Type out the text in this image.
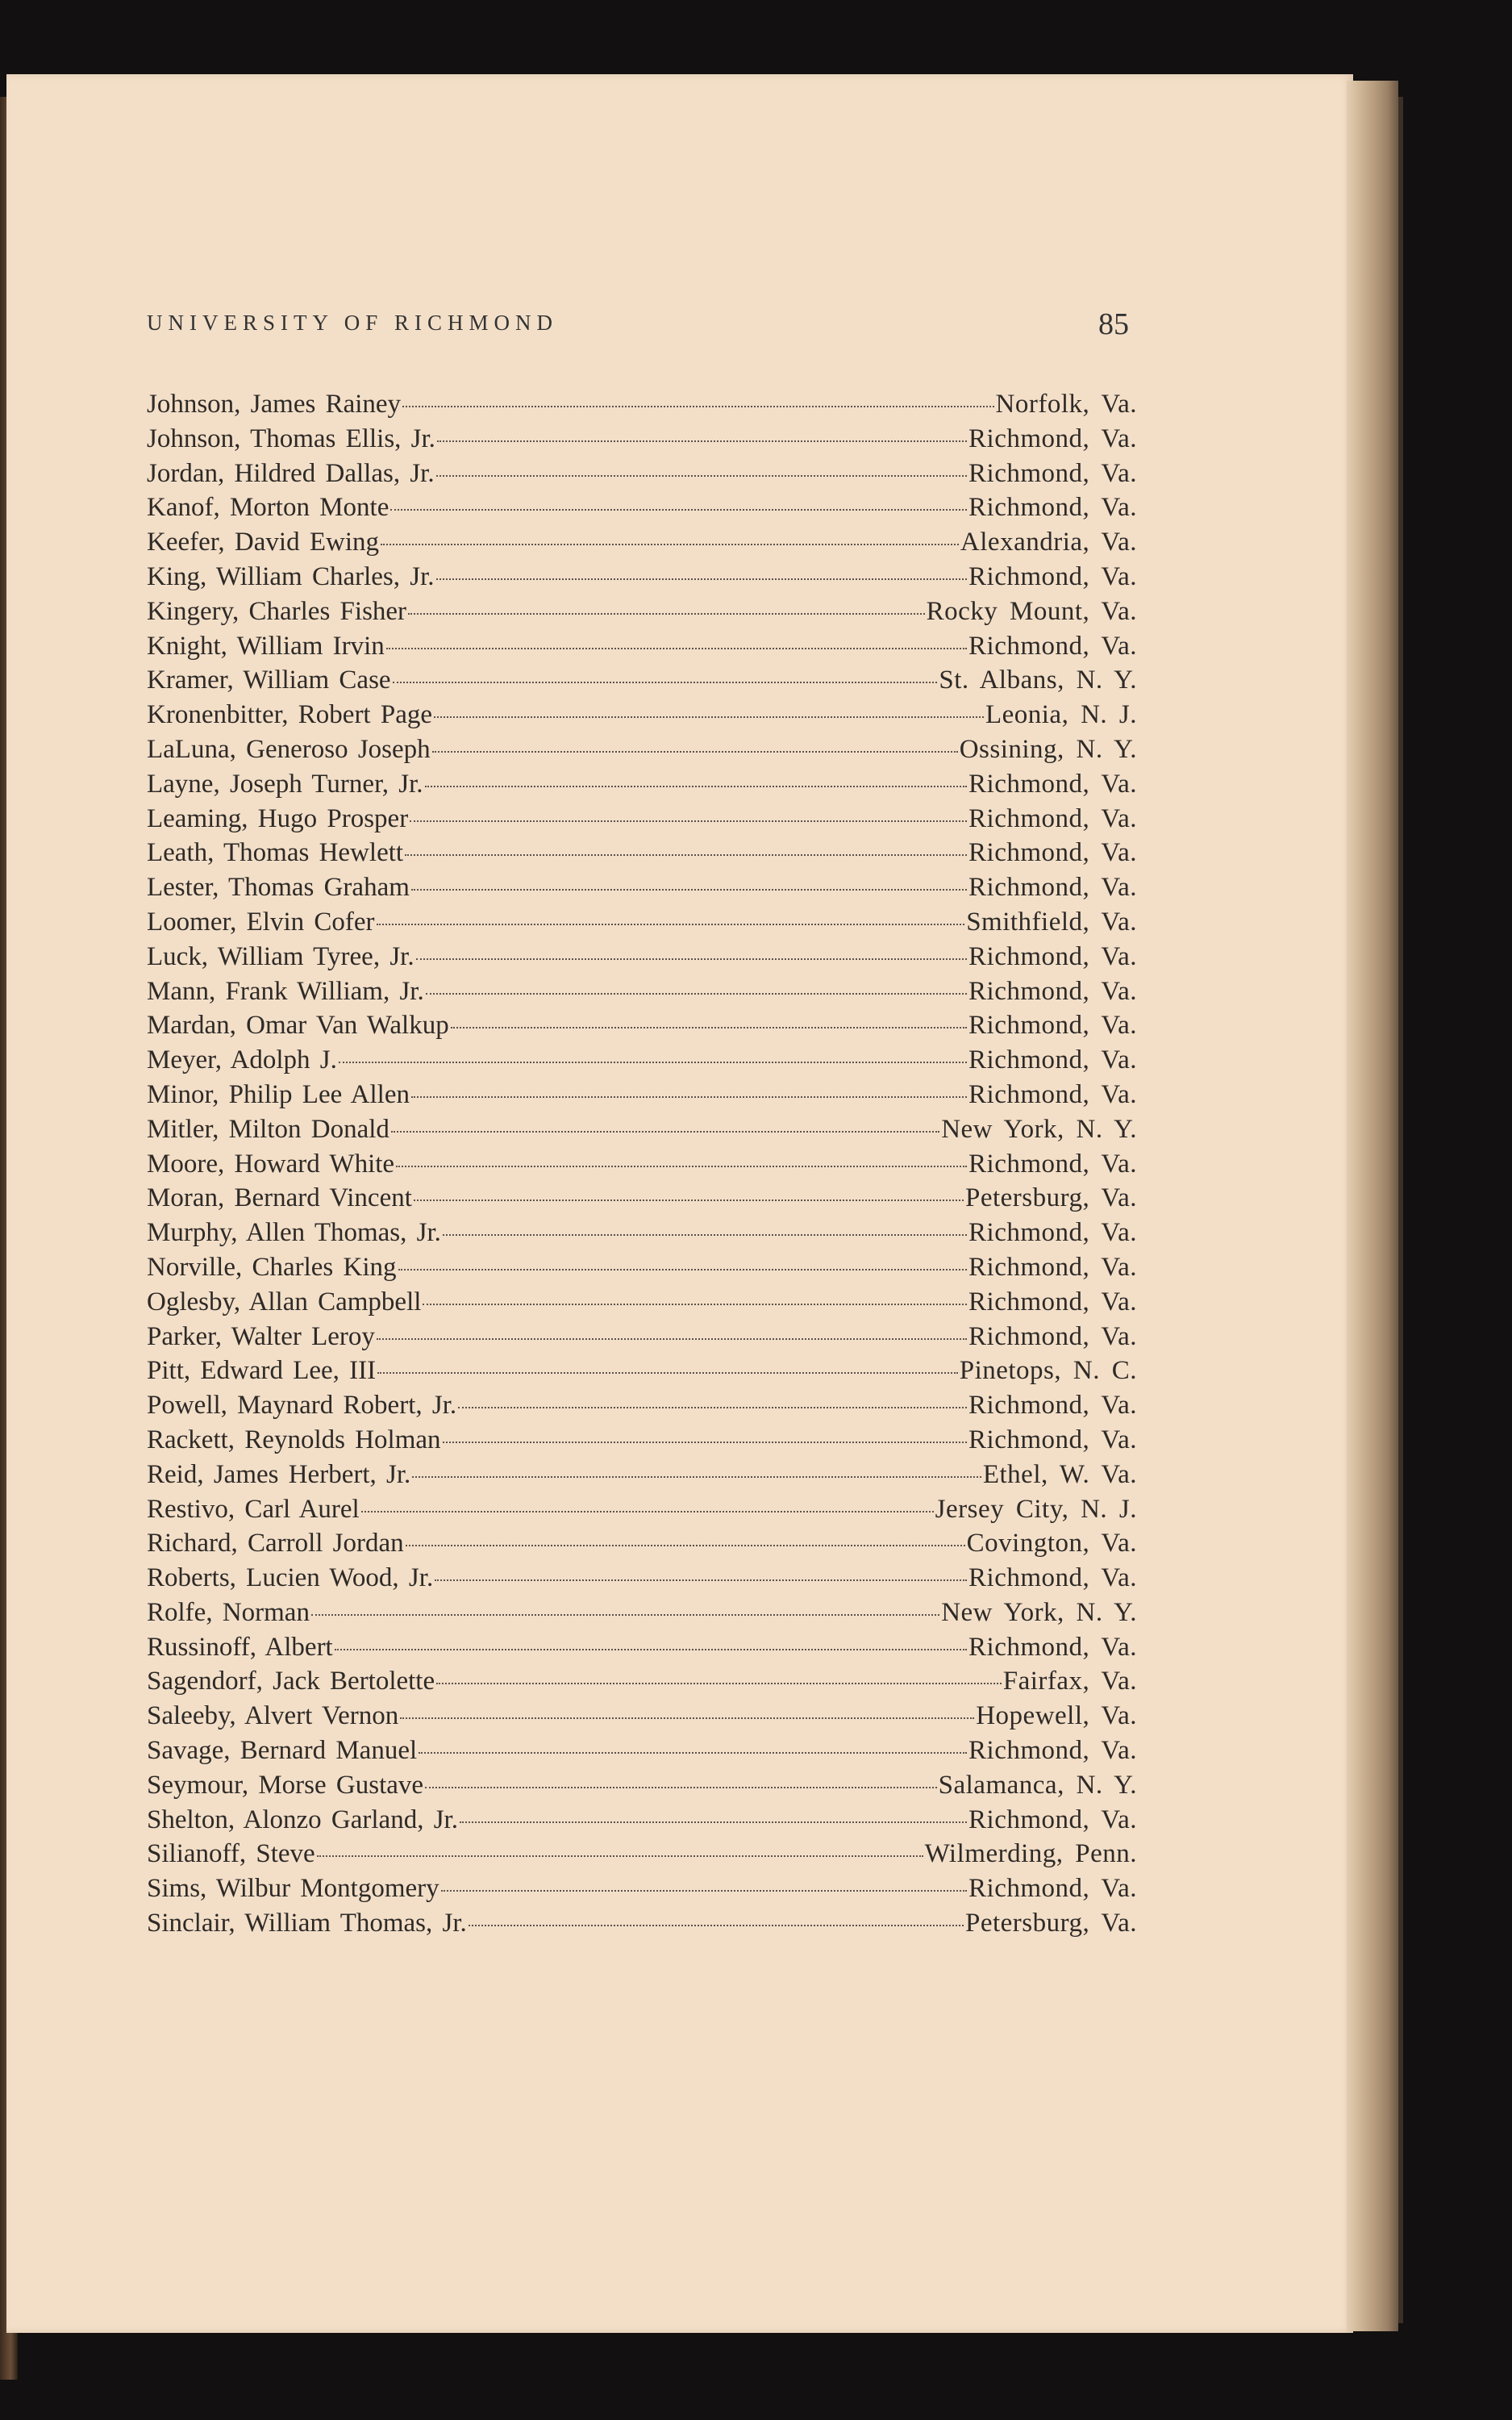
UNIVERSITY OF RICHMOND	85
Johnson, James Rainey	Norfolk, Va.
Johnson, Thomas Ellis, Jr.	Richmond, Va.
Jordan, Hildred Dallas, Jr.	Richmond, Va.
Kanof, Morton Monte	Richmond, Va.
Keefer, David Ewing	Alexandria, Va.
King, William Charles, Jr.	Richmond, Va.
Kingery, Charles Fisher	Rocky Mount, Va.
Knight, William Irvin	Richmond, Va.
Kramer, William Case	St. Albans, N. Y.
Kronenbitter, Robert Page	Leonia, N. J.
LaLuna, Generoso Joseph	Ossining, N. Y.
Layne, Joseph Turner, Jr.	Richmond, Va.
Leaming, Hugo Prosper	Richmond, Va.
Leath, Thomas Hewlett	Richmond, Va.
Lester, Thomas Graham	Richmond, Va.
Loomer, Elvin Cofer	Smithfield, Va.
Luck, William Tyree, Jr.	Richmond, Va.
Mann, Frank William, Jr.	Richmond, Va.
Mardan, Omar Van Walkup	Richmond, Va.
Meyer, Adolph J.	Richmond, Va.
Minor, Philip Lee Allen	Richmond, Va.
Mitler, Milton Donald	New York, N. Y.
Moore, Howard White	Richmond, Va.
Moran, Bernard Vincent	Petersburg, Va.
Murphy, Allen Thomas, Jr.	Richmond, Va.
Norville, Charles King	Richmond, Va.
Oglesby, Allan Campbell	Richmond, Va.
Parker, Walter Leroy	Richmond, Va.
Pitt, Edward Lee, III	Pinetops, N. C.
Powell, Maynard Robert, Jr.	Richmond, Va.
Rackett, Reynolds Holman	Richmond, Va.
Reid, James Herbert, Jr.	Ethel, W. Va.
Restivo, Carl Aurel	Jersey City, N. J.
Richard, Carroll Jordan	Covington, Va.
Roberts, Lucien Wood, Jr.	Richmond, Va.
Rolfe, Norman	New York, N. Y.
Russinoff, Albert	Richmond, Va.
Sagendorf, Jack Bertolette	Fairfax, Va.
Saleeby, Alvert Vernon	Hopewell, Va.
Savage, Bernard Manuel	Richmond, Va.
Seymour, Morse Gustave	Salamanca, N. Y.
Shelton, Alonzo Garland, Jr.	Richmond, Va.
Silianoff, Steve	Wilmerding, Penn.
Sims, Wilbur Montgomery	Richmond, Va.
Sinclair, William Thomas, Jr.	Petersburg, Va.
